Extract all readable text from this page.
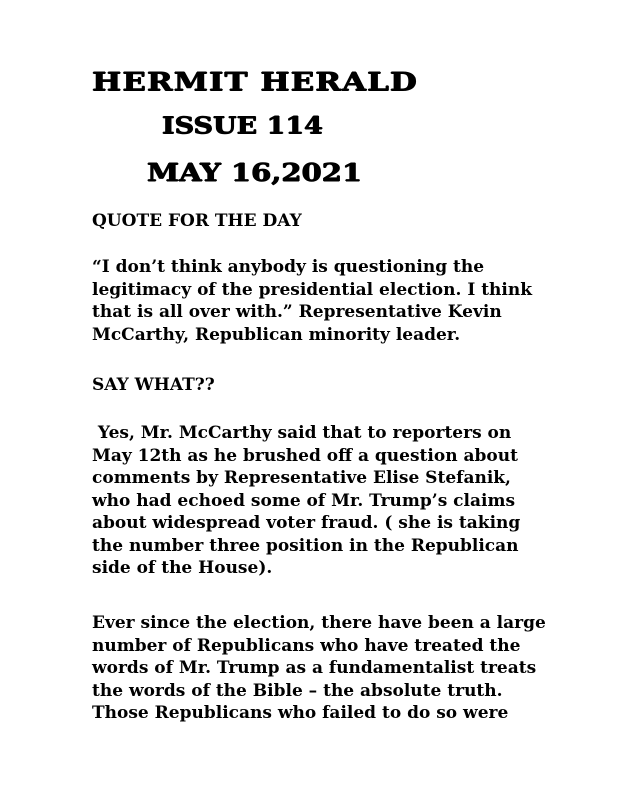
HERMIT HERALD
ISSUE 114
MAY 16,2021
QUOTE FOR THE DAY
“I don’t think anybody is questioning the
legitimacy of the presidential election. I think
that is all over with.” Representative Kevin
McCarthy, Republican minority leader.
SAY WHAT??
Yes, Mr. McCarthy said that to reporters on
May 12th as he brushed off a question about
comments by Representative Elise Stefanik,
who had echoed some of Mr. Trump’s claims
about widespread voter fraud. ( she is taking
the number three position in the Republican
side of the House).
Ever since the election, there have been a large
number of Republicans who have treated the
words of Mr. Trump as a fundamentalist treats
the words of the Bible – the absolute truth.
Those Republicans who failed to do so were
